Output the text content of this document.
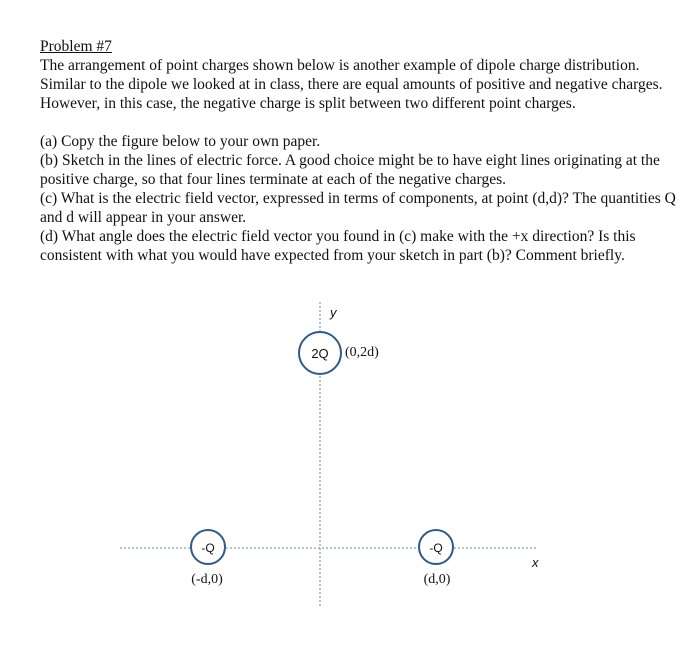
Problem #7

The arrangement of point charges shown below is another example of dipole charge distribution. Similar to the dipole we looked at in class, there are equal amounts of positive and negative charges. However, in this case, the negative charge is split between two different point charges.

(a) Copy the figure below to your own paper.

(b) Sketch in the lines of electric force. A good choice might be to have eight lines originating at the positive charge, so that four lines terminate at each of the negative charges.

(c) What is the electric field vector, expressed in terms of components, at point (d,d)? The quantities Q and d will appear in your answer.

(d) What angle does the electric field vector you found in (c) make with the +x direction? Is this consistent with what you would have expected from your sketch in part (b)? Comment briefly.

y
x
2Q (0,2d)
-Q
(-d,0)
-Q
(d,0)
